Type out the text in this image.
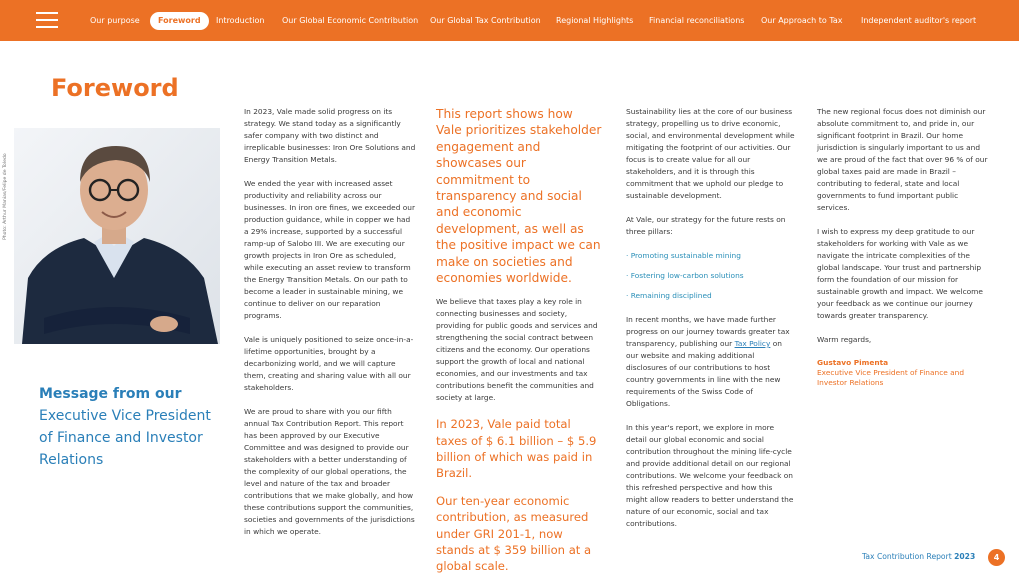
Our purpose	Foreword	Introduction Our Global Economic Contribution Our Global Tax Contribution Regional Highlights Financial reconciliations Our Approach to Tax Independent auditor's report
Foreword
Photo: Arthur Manias/Felipe de Toledo
Message from our Executive Vice President of Finance and Investor Relations

In 2023, Vale made solid progress on its strategy. We stand today as a significantly safer company with two distinct and irreplicable businesses: Iron Ore Solutions and Energy Transition Metals.

We ended the year with increased asset productivity and reliability across our businesses. In iron ore fines, we exceeded our production guidance, while in copper we had a 29% increase, supported by a successful ramp-up of Salobo III. We are executing our growth projects in Iron Ore as scheduled, while executing an asset review to transform the Energy Transition Metals. On our path to become a leader in sustainable mining, we continue to deliver on our reparation programs.

Vale is uniquely positioned to seize once-in-a-lifetime opportunities, brought by a decarbonizing world, and we will capture them, creating and sharing value with all our stakeholders.

We are proud to share with you our fifth annual Tax Contribution Report. This report has been approved by our Executive Committee and was designed to provide our stakeholders with a better understanding of the complexity of our global operations, the level and nature of the tax and broader contributions that we make globally, and how these contributions support the communities, societies and governments of the jurisdictions in which we operate.

This report shows how Vale prioritizes stakeholder engagement and showcases our commitment to transparency and social and economic development, as well as the positive impact we can make on societies and economies worldwide.

We believe that taxes play a key role in connecting businesses and society, providing for public goods and services and strengthening the social contract between citizens and the economy. Our operations support the growth of local and national economies, and our investments and tax contributions benefit the communities and society at large.

In 2023, Vale paid total taxes of $ 6.1 billion – $ 5.9 billion of which was paid in Brazil.
Our ten-year economic contribution, as measured under GRI 201-1, now stands at $ 359 billion at a global scale.

Sustainability lies at the core of our business strategy, propelling us to drive economic, social, and environmental development while mitigating the footprint of our activities. Our focus is to create value for all our stakeholders, and it is through this commitment that we uphold our pledge to sustainable development.

At Vale, our strategy for the future rests on three pillars:

· Promoting sustainable mining
· Fostering low-carbon solutions
· Remaining disciplined

In recent months, we have made further progress on our journey towards greater tax transparency, publishing our Tax Policy on our website and making additional disclosures of our contributions to host country governments in line with the new requirements of the Swiss Code of Obligations.

In this year's report, we explore in more detail our global economic and social contribution throughout the mining life-cycle and provide additional detail on our regional contributions. We welcome your feedback on this refreshed perspective and how this might allow readers to better understand the nature of our economic, social and tax contributions.

The new regional focus does not diminish our absolute commitment to, and pride in, our significant footprint in Brazil. Our home jurisdiction is singularly important to us and we are proud of the fact that over 96 % of our global taxes paid are made in Brazil – contributing to federal, state and local governments to fund important public services.

I wish to express my deep gratitude to our stakeholders for working with Vale as we navigate the intricate complexities of the global landscape. Your trust and partnership form the foundation of our mission for sustainable growth and impact. We welcome your feedback as we continue our journey towards greater transparency.

Warm regards,

Gustavo Pimenta
Executive Vice President of Finance and Investor Relations
Tax Contribution Report 2023	4
